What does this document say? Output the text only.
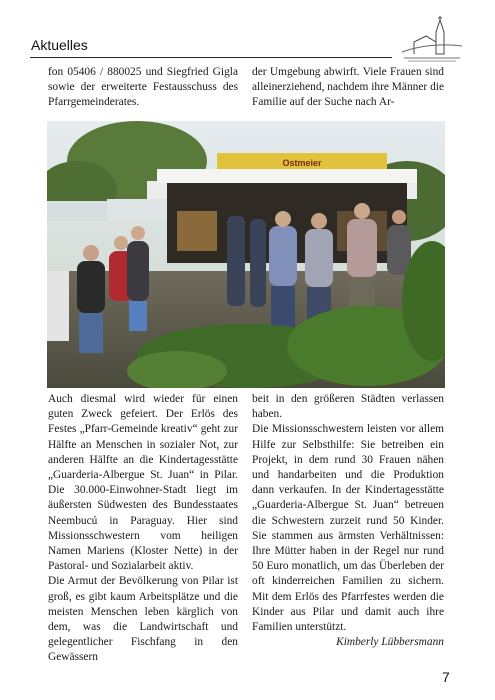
Aktuelles

fon 05406 / 880025 und Siegfried Gigla sowie der erweiterte Festausschuss des Pfarrgemeinderates.

der Umgebung abwirft. Viele Frauen sind alleinerziehend, nachdem ihre Männer die Familie auf der Suche nach Ar-

Ostmeier

Auch diesmal wird wieder für einen guten Zweck gefeiert. Der Erlös des Festes „Pfarr-Gemeinde kreativ“ geht zur Hälfte an Menschen in sozialer Not, zur anderen Hälfte an die Kindertagesstätte „Guarderia-Albergue St. Juan“ in Pilar. Die 30.000-Einwohner-Stadt liegt im äußersten Südwesten des Bundesstaates Neembucú in Paraguay. Hier sind Missionsschwestern vom heiligen Namen Mariens (Kloster Nette) in der Pastoral- und Sozialarbeit aktiv.

Die Armut der Bevölkerung von Pilar ist groß, es gibt kaum Arbeitsplätze und die meisten Menschen leben kärglich von dem, was die Landwirtschaft und gelegentlicher Fischfang in den Gewässern

beit in den größeren Städten verlassen haben.

Die Missionsschwestern leisten vor allem Hilfe zur Selbsthilfe: Sie betreiben ein Projekt, in dem rund 30 Frauen nähen und handarbeiten und die Produktion dann verkaufen. In der Kindertagesstätte „Guarderia-Albergue St. Juan“ betreuen die Schwestern zurzeit rund 50 Kinder. Sie stammen aus ärmsten Verhältnissen: Ihre Mütter haben in der Regel nur rund 50 Euro monatlich, um das Überleben der oft kinderreichen Familien zu sichern. Mit dem Erlös des Pfarrfestes werden die Kinder aus Pilar und damit auch ihre Familien unterstützt.

Kimberly Lübbersmann

7
